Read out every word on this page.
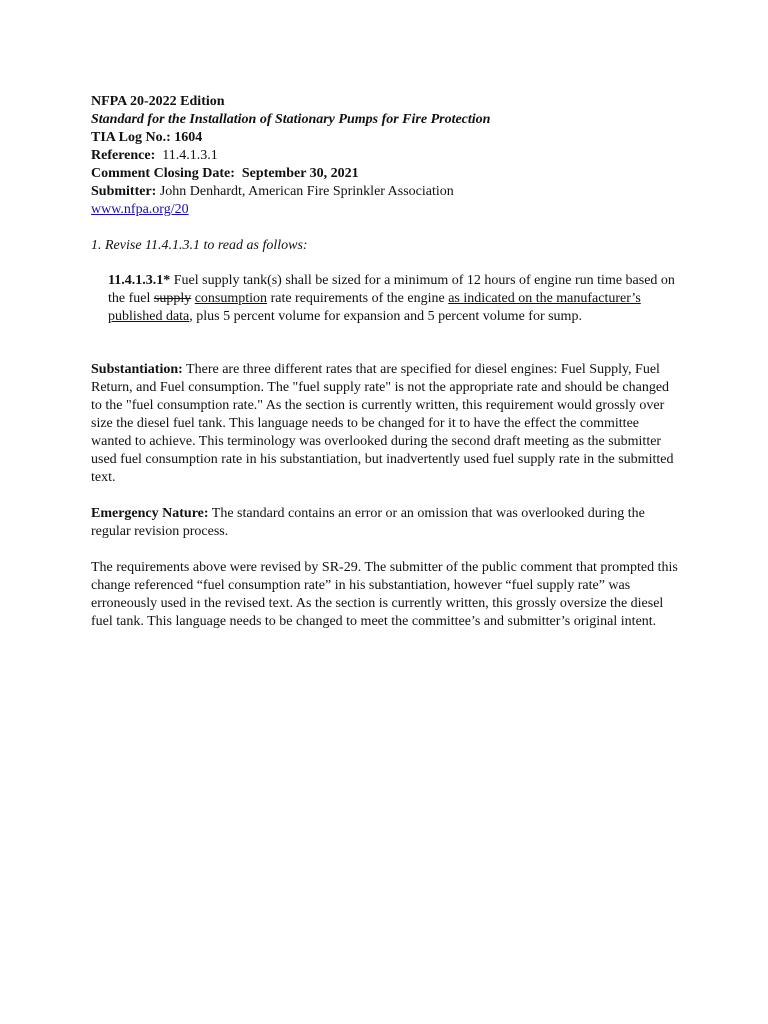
NFPA 20-2022 Edition
Standard for the Installation of Stationary Pumps for Fire Protection
TIA Log No.: 1604
Reference: 11.4.1.3.1
Comment Closing Date: September 30, 2021
Submitter: John Denhardt, American Fire Sprinkler Association
www.nfpa.org/20
1. Revise 11.4.1.3.1 to read as follows:
11.4.1.3.1* Fuel supply tank(s) shall be sized for a minimum of 12 hours of engine run time based on the fuel supply consumption rate requirements of the engine as indicated on the manufacturer’s published data, plus 5 percent volume for expansion and 5 percent volume for sump.
Substantiation: There are three different rates that are specified for diesel engines: Fuel Supply, Fuel Return, and Fuel consumption. The "fuel supply rate" is not the appropriate rate and should be changed to the "fuel consumption rate." As the section is currently written, this requirement would grossly over size the diesel fuel tank. This language needs to be changed for it to have the effect the committee wanted to achieve. This terminology was overlooked during the second draft meeting as the submitter used fuel consumption rate in his substantiation, but inadvertently used fuel supply rate in the submitted text.
Emergency Nature: The standard contains an error or an omission that was overlooked during the regular revision process.
The requirements above were revised by SR-29. The submitter of the public comment that prompted this change referenced “fuel consumption rate” in his substantiation, however “fuel supply rate” was erroneously used in the revised text. As the section is currently written, this grossly oversize the diesel fuel tank. This language needs to be changed to meet the committee’s and submitter’s original intent.
